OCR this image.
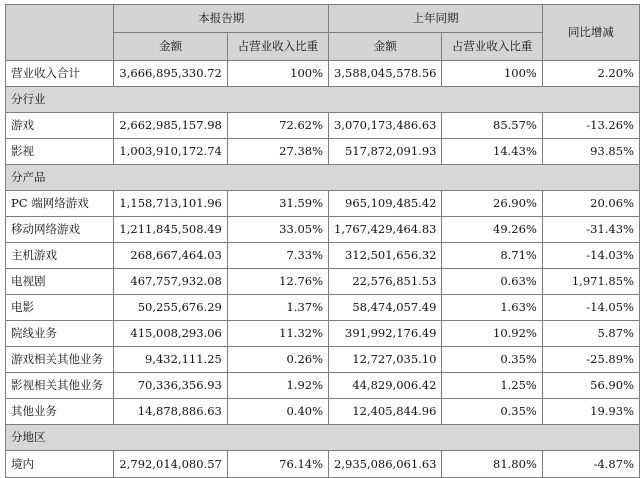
	本报告期		上年同期		同比增减
	金额	占营业收入比重	金额	占营业收入比重	
营业收入合计	3,666,895,330.72	100%	3,588,045,578.56	100%	2.20%
分行业					
游戏	2,662,985,157.98	72.62%	3,070,173,486.63	85.57%	-13.26%
影视	1,003,910,172.74	27.38%	517,872,091.93	14.43%	93.85%
分产品					
PC 端网络游戏	1,158,713,101.96	31.59%	965,109,485.42	26.90%	20.06%
移动网络游戏	1,211,845,508.49	33.05%	1,767,429,464.83	49.26%	-31.43%
主机游戏	268,667,464.03	7.33%	312,501,656.32	8.71%	-14.03%
电视剧	467,757,932.08	12.76%	22,576,851.53	0.63%	1,971.85%
电影	50,255,676.29	1.37%	58,474,057.49	1.63%	-14.05%
院线业务	415,008,293.06	11.32%	391,992,176.49	10.92%	5.87%
游戏相关其他业务	9,432,111.25	0.26%	12,727,035.10	0.35%	-25.89%
影视相关其他业务	70,336,356.93	1.92%	44,829,006.42	1.25%	56.90%
其他业务	14,878,886.63	0.40%	12,405,844.96	0.35%	19.93%
分地区					
境内	2,792,014,080.57	76.14%	2,935,086,061.63	81.80%	-4.87%
